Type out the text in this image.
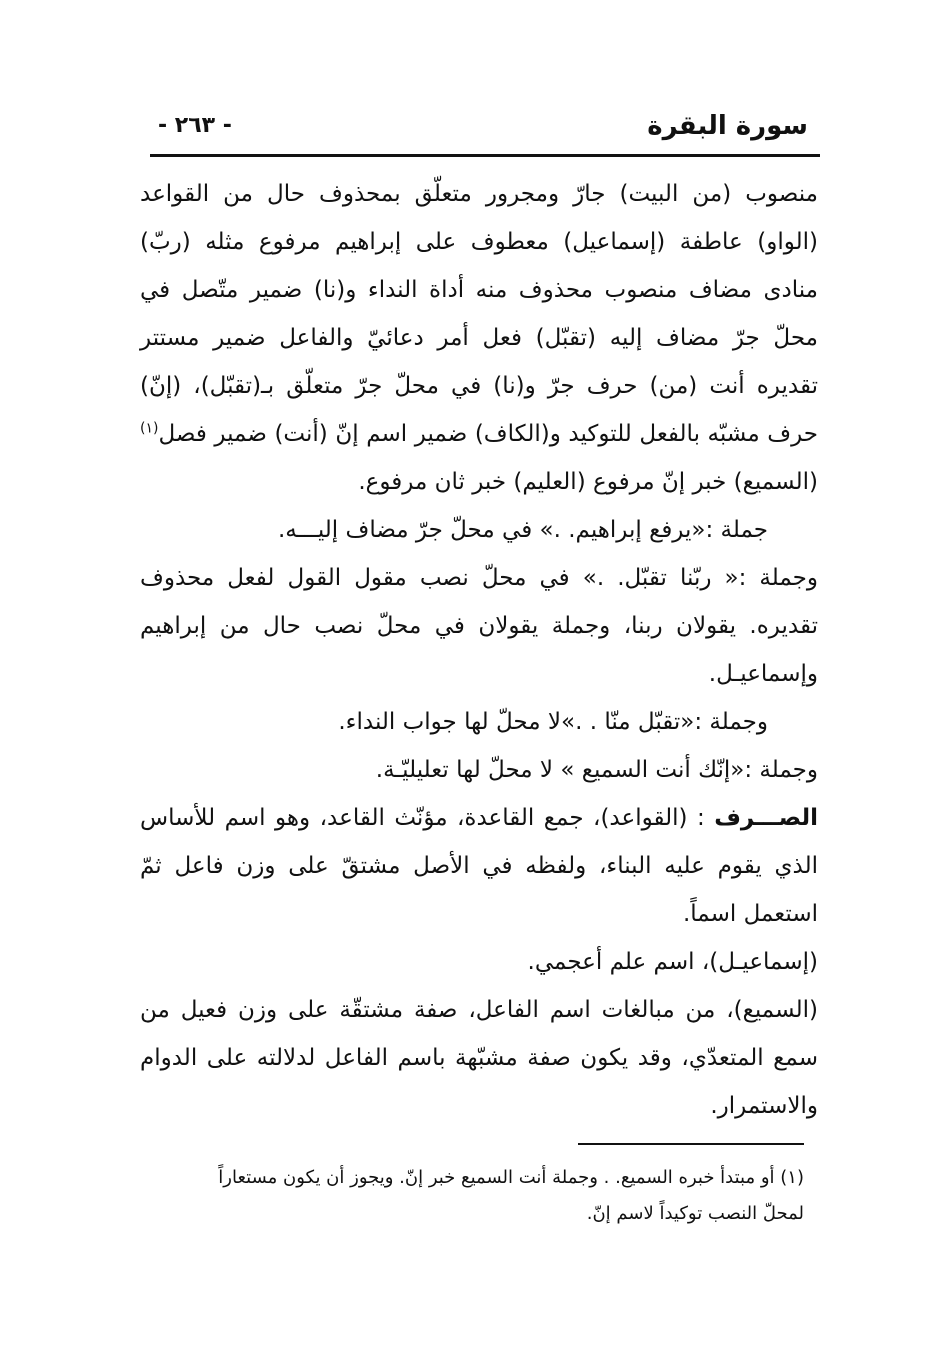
سورة البقرة
- ٢٦٣ -

منصوب (من البيت) جارّ ومجرور متعلّق بمحذوف حال من القواعد (الواو) عاطفة (إسماعيل) معطوف على إبراهيم مرفوع مثله (ربّ) منادى مضاف منصوب محذوف منه أداة النداء و(نا) ضمير متّصل في محلّ جرّ مضاف إليه (تقبّل) فعل أمر دعائيّ والفاعل ضمير مستتر تقديره أنت (من) حرف جرّ و(نا) في محلّ جرّ متعلّق بـ(تقبّل)، (إنّ) حرف مشبّه بالفعل للتوكيد و(الكاف) ضمير اسم إنّ (أنت) ضمير فصل$^{(١)}$ (السميع) خبر إنّ مرفوع (العليم) خبر ثان مرفوع.

جملة :«يرفع إبراهيم. .» في محلّ جرّ مضاف إليـــه.

وجملة :« ربّنا تقبّل. .» في محلّ نصب مقول القول لفعل محذوف تقديره. يقولان ربنا، وجملة يقولان في محلّ نصب حال من إبراهيم وإسماعيـل.

وجملة :«تقبّل منّا . .»لا محلّ لها جواب النداء.

وجملة :«إنّك أنت السميع » لا محلّ لها تعليليّـة.

الصـــرف : (القواعد)، جمع القاعدة، مؤنّث القاعد، وهو اسم للأساس الذي يقوم عليه البناء، ولفظه في الأصل مشتقّ على وزن فاعل ثمّ استعمل اسماً.

(إسماعيـل)، اسم علم أعجمي.

(السميع)، من مبالغات اسم الفاعل، صفة مشتقّة على وزن فعيل من سمع المتعدّي، وقد يكون صفة مشبّهة باسم الفاعل لدلالته على الدوام والاستمرار.

(١) أو مبتدأ خبره السميع. . وجملة أنت السميع خبر إنّ. ويجوز أن يكون مستعاراً

لمحلّ النصب توكيداً لاسم إنّ.
